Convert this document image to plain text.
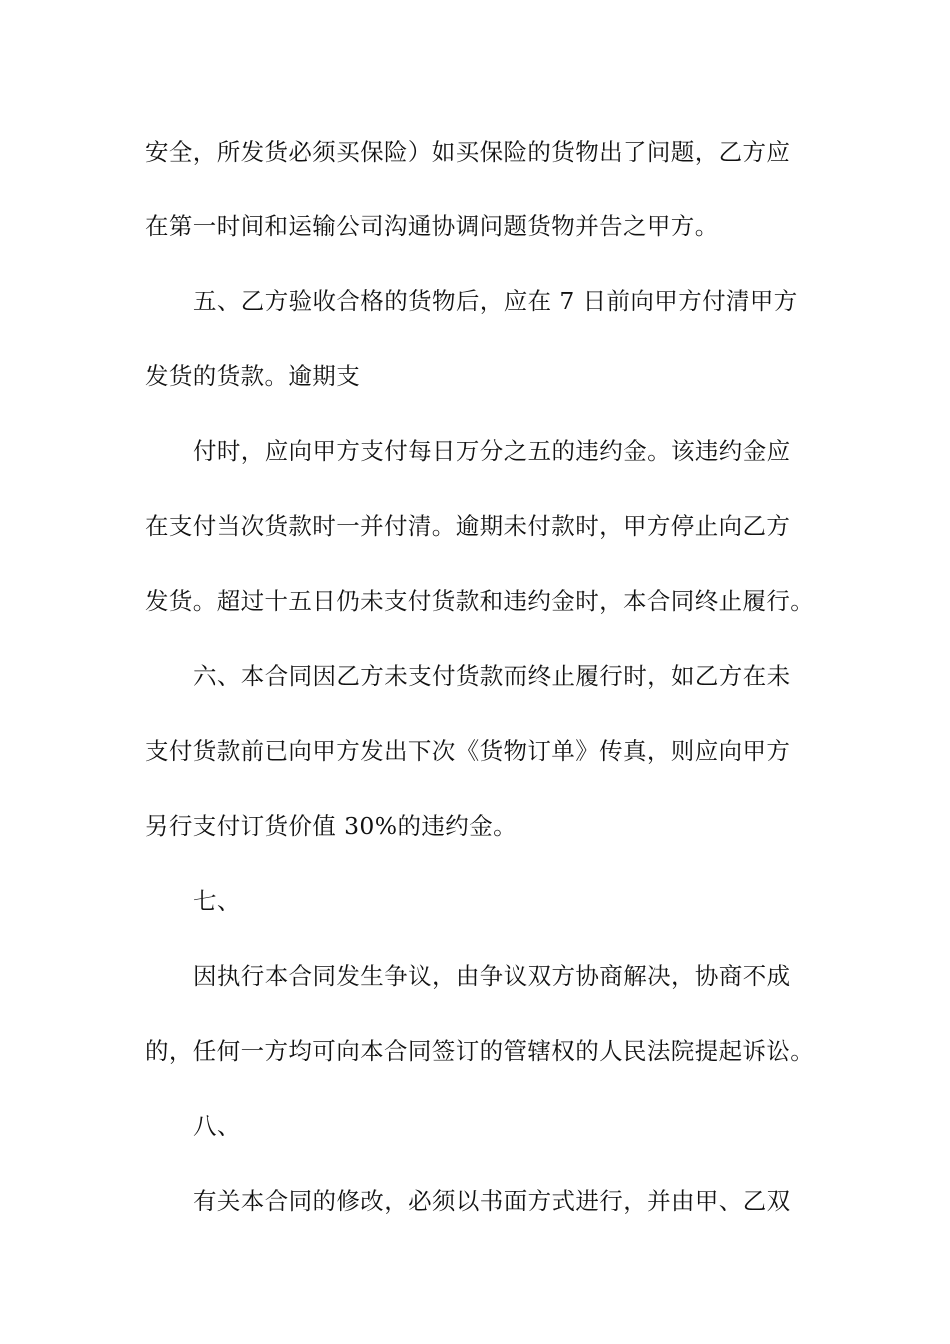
安全，所发货必须买保险）如买保险的货物出了问题，乙方应
在第一时间和运输公司沟通协调问题货物并告之甲方。
五、乙方验收合格的货物后，应在 7 日前向甲方付清甲方
发货的货款。逾期支
付时，应向甲方支付每日万分之五的违约金。该违约金应
在支付当次货款时一并付清。逾期未付款时，甲方停止向乙方
发货。超过十五日仍未支付货款和违约金时，本合同终止履行。
六、本合同因乙方未支付货款而终止履行时，如乙方在未
支付货款前已向甲方发出下次《货物订单》传真，则应向甲方
另行支付订货价值 30%的违约金。
七、
因执行本合同发生争议，由争议双方协商解决，协商不成
的，任何一方均可向本合同签订的管辖权的人民法院提起诉讼。
八、
有关本合同的修改，必须以书面方式进行，并由甲、乙双
